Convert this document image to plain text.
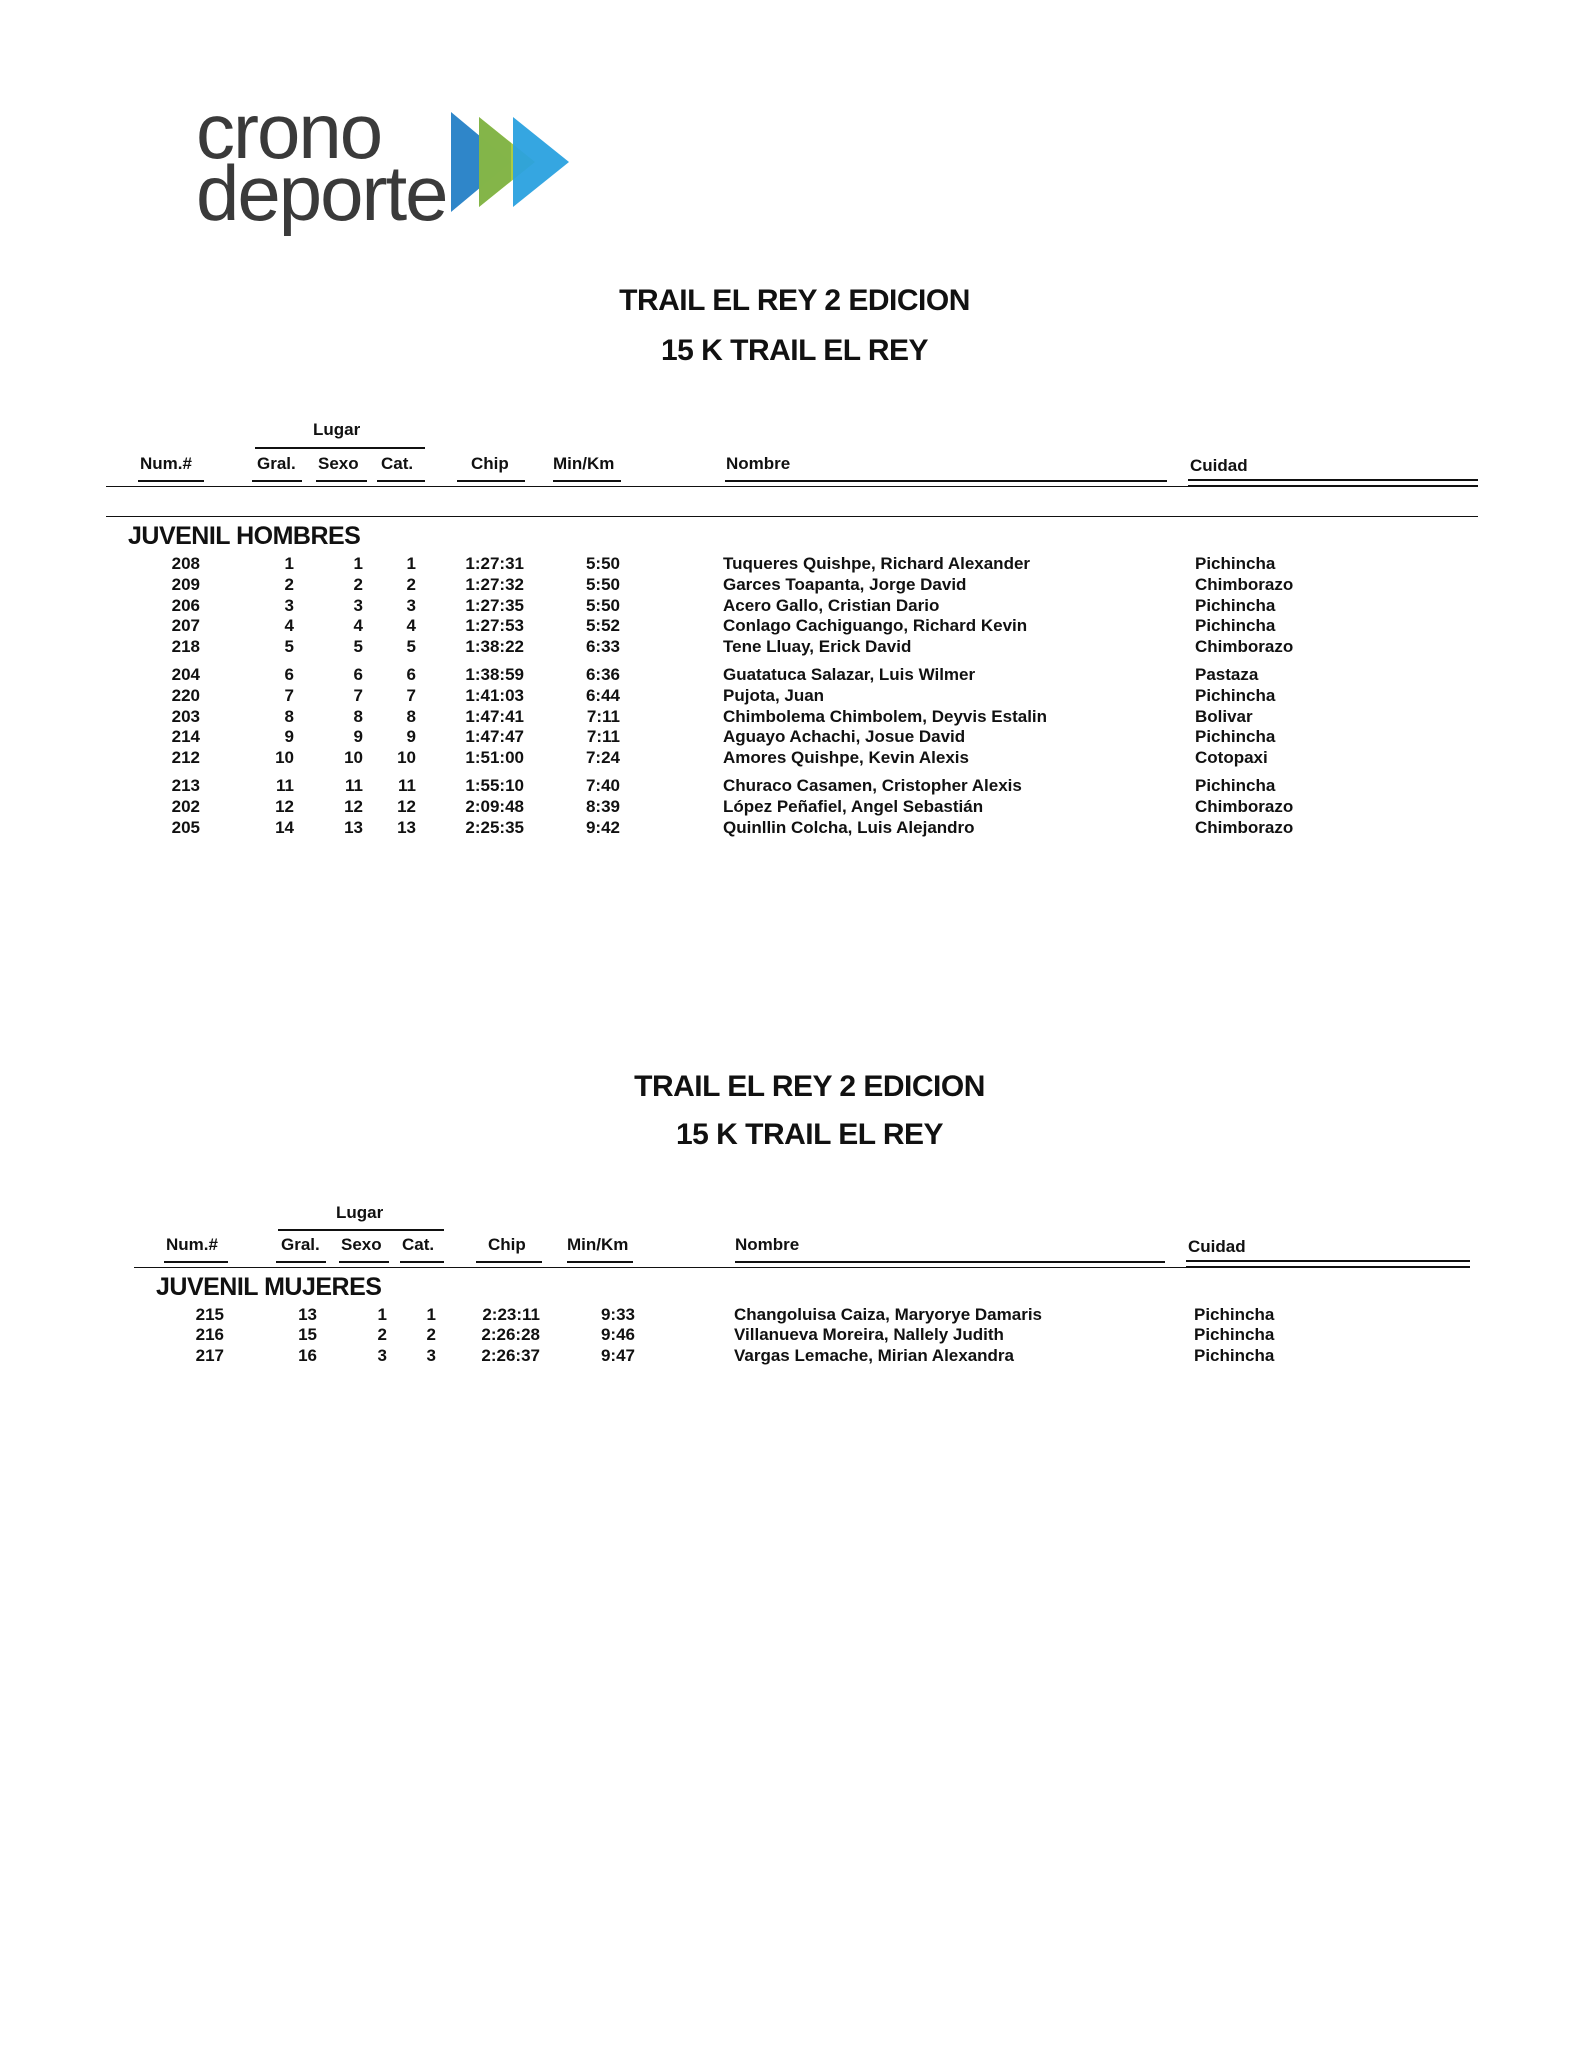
crono
deporte
TRAIL EL REY 2 EDICION
15 K TRAIL EL REY
Lugar
Num.#	Gral. Sexo Cat.	Chip	Min/Km	Nombre	Cuidad
JUVENIL HOMBRES
208	1	1	1	1:27:31	5:50	Tuqueres Quishpe, Richard Alexander	Pichincha
209	2	2	2	1:27:32	5:50	Garces Toapanta, Jorge David	Chimborazo
206	3	3	3	1:27:35	5:50	Acero Gallo, Cristian Dario	Pichincha
207	4	4	4	1:27:53	5:52	Conlago Cachiguango, Richard Kevin	Pichincha
218	5	5	5	1:38:22	6:33	Tene Lluay, Erick David	Chimborazo
204	6	6	6	1:38:59	6:36	Guatatuca Salazar, Luis Wilmer	Pastaza
220	7	7	7	1:41:03	6:44	Pujota, Juan	Pichincha
203	8	8	8	1:47:41	7:11	Chimbolema Chimbolem, Deyvis Estalin	Bolivar
214	9	9	9	1:47:47	7:11	Aguayo Achachi, Josue David	Pichincha
212	10	10 10	1:51:00	7:24	Amores Quishpe, Kevin Alexis	Cotopaxi
213	11	11 11	1:55:10	7:40	Churaco Casamen, Cristopher Alexis	Pichincha
202	12	12 12	2:09:48	8:39	López Peñafiel, Angel Sebastián	Chimborazo
205	14	13 13	2:25:35	9:42	Quinllin Colcha, Luis Alejandro	Chimborazo
TRAIL EL REY 2 EDICION
15 K TRAIL EL REY
Lugar
Num.#	Gral. Sexo Cat.	Chip Min/Km	Nombre	Cuidad
JUVENIL MUJERES
215	13	1 1	2:23:11	9:33	Changoluisa Caiza, Maryorye Damaris	Pichincha
216	15	2 2	2:26:28	9:46	Villanueva Moreira, Nallely Judith	Pichincha
217	16	3 3	2:26:37	9:47	Vargas Lemache, Mirian Alexandra	Pichincha
